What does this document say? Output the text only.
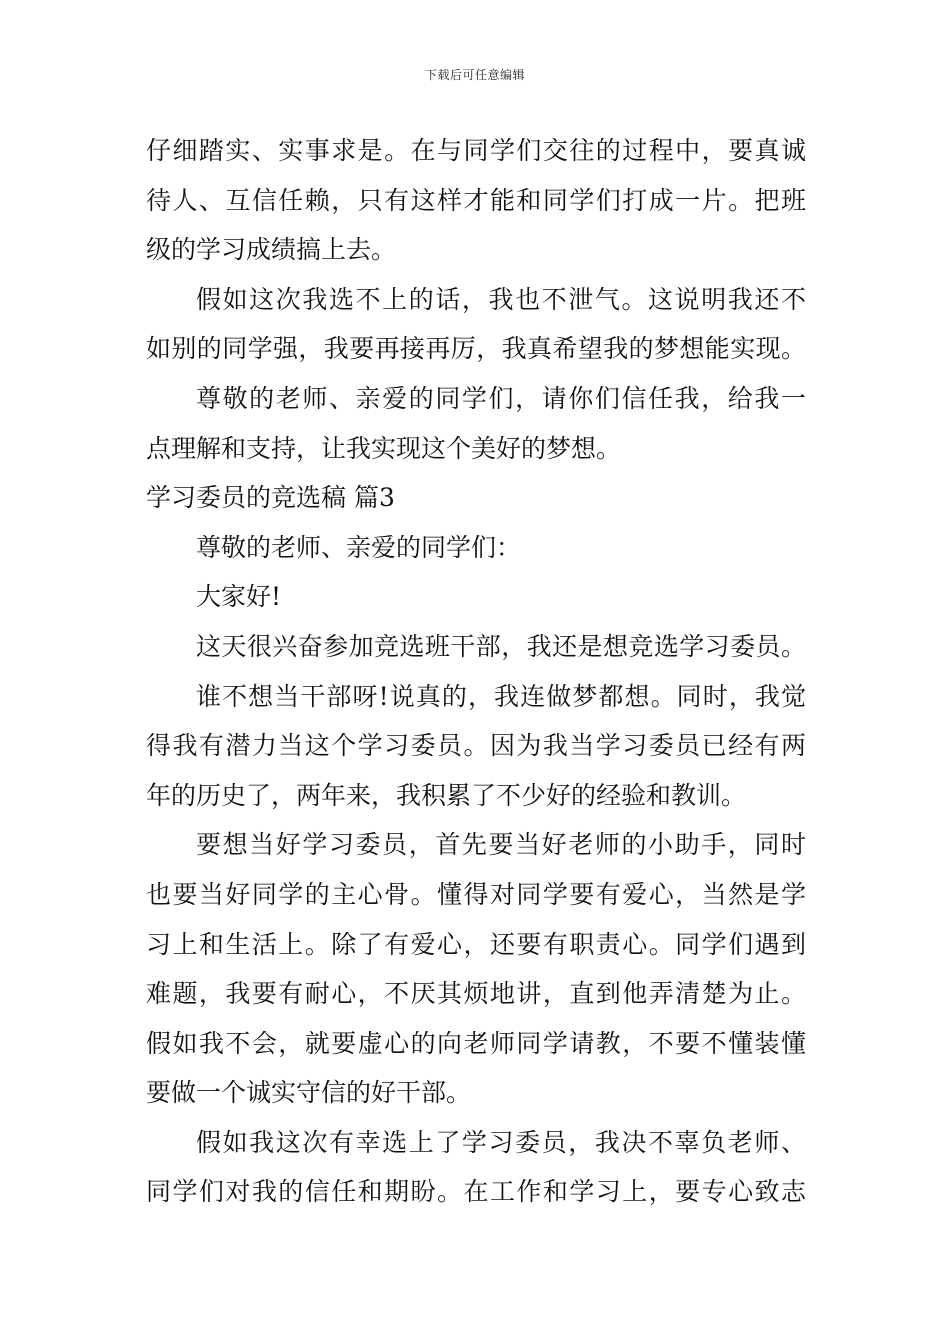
下载后可任意编辑
仔细踏实、实事求是。在与同学们交往的过程中，要真诚
待人、互信任赖，只有这样才能和同学们打成一片。把班
级的学习成绩搞上去。
假如这次我选不上的话，我也不泄气。这说明我还不
如别的同学强，我要再接再厉，我真希望我的梦想能实现。
尊敬的老师、亲爱的同学们，请你们信任我，给我一
点理解和支持，让我实现这个美好的梦想。
学习委员的竞选稿 篇3
尊敬的老师、亲爱的同学们：
大家好!
这天很兴奋参加竞选班干部，我还是想竞选学习委员。
谁不想当干部呀!说真的，我连做梦都想。同时，我觉
得我有潜力当这个学习委员。因为我当学习委员已经有两
年的历史了，两年来，我积累了不少好的经验和教训。
要想当好学习委员，首先要当好老师的小助手，同时
也要当好同学的主心骨。懂得对同学要有爱心，当然是学
习上和生活上。除了有爱心，还要有职责心。同学们遇到
难题，我要有耐心，不厌其烦地讲，直到他弄清楚为止。
假如我不会，就要虚心的向老师同学请教，不要不懂装懂
要做一个诚实守信的好干部。
假如我这次有幸选上了学习委员，我决不辜负老师、
同学们对我的信任和期盼。在工作和学习上，要专心致志
